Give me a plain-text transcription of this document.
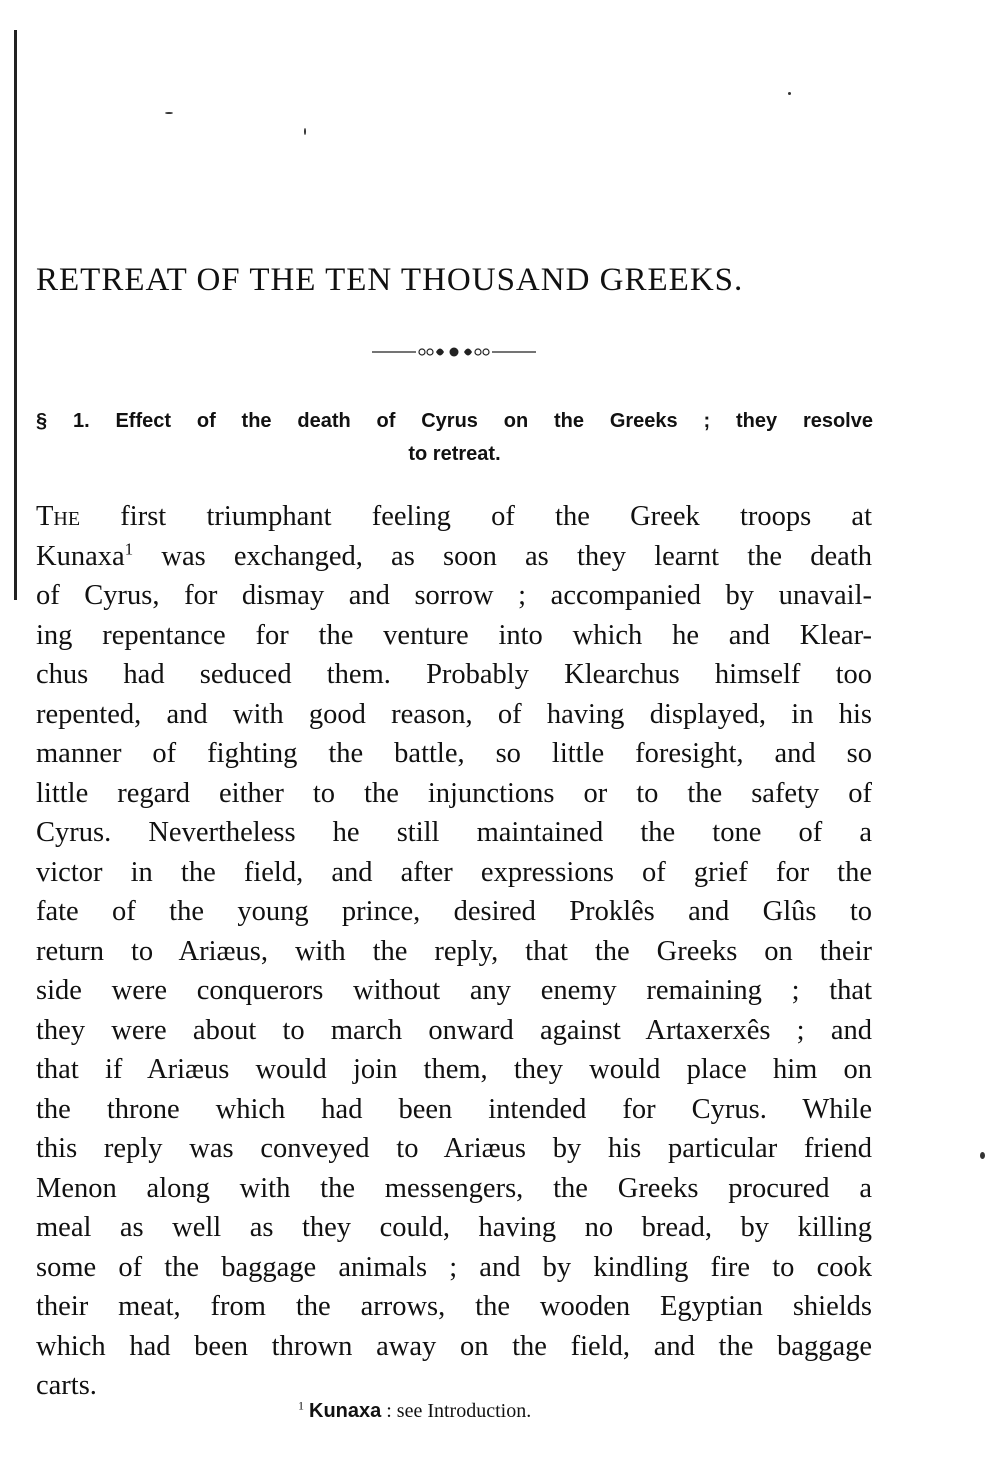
RETREAT OF THE TEN THOUSAND GREEKS.
§ 1. Effect of the death of Cyrus on the Greeks ; they resolve
to retreat.
The first triumphant feeling of the Greek troops at
Kunaxa$^1$ was exchanged, as soon as they learnt the death
of Cyrus, for dismay and sorrow ; accompanied by unavail-
ing repentance for the venture into which he and Klear-
chus had seduced them. Probably Klearchus himself too
repented, and with good reason, of having displayed, in his
manner of fighting the battle, so little foresight, and so
little regard either to the injunctions or to the safety of
Cyrus. Nevertheless he still maintained the tone of a
victor in the field, and after expressions of grief for the
fate of the young prince, desired Proklês and Glûs to
return to Ariæus, with the reply, that the Greeks on their
side were conquerors without any enemy remaining ; that
they were about to march onward against Artaxerxês ; and
that if Ariæus would join them, they would place him on
the throne which had been intended for Cyrus. While
this reply was conveyed to Ariæus by his particular friend
Menon along with the messengers, the Greeks procured a
meal as well as they could, having no bread, by killing
some of the baggage animals ; and by kindling fire to cook
their meat, from the arrows, the wooden Egyptian shields
which had been thrown away on the field, and the baggage
carts.
$^1$ Kunaxa : see Introduction.
